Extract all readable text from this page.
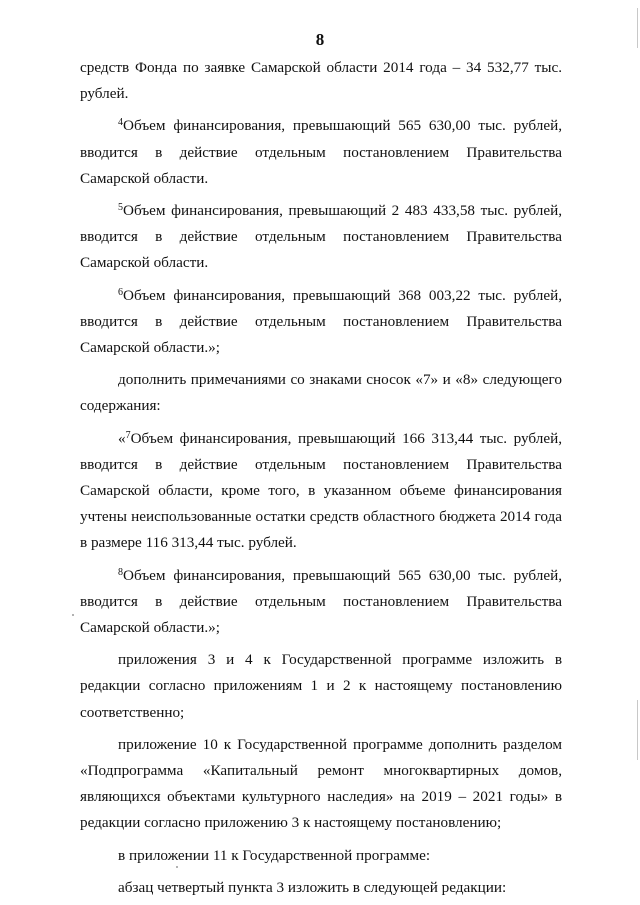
8

средств Фонда по заявке Самарской области 2014 года – 34 532,77 тыс. рублей.

$^4$Объем финансирования, превышающий 565 630,00 тыс. рублей, вводится в действие отдельным постановлением Правительства Самарской области.

$^5$Объем финансирования, превышающий 2 483 433,58 тыс. рублей, вводится в действие отдельным постановлением Правительства Самарской области.

$^6$Объем финансирования, превышающий 368 003,22 тыс. рублей, вводится в действие отдельным постановлением Правительства Самарской области.»;

дополнить примечаниями со знаками сносок «7» и «8» следующего содержания:

«$^7$Объем финансирования, превышающий 166 313,44 тыс. рублей, вводится в действие отдельным постановлением Правительства Самарской области, кроме того, в указанном объеме финансирования учтены неиспользованные остатки средств областного бюджета 2014 года в размере 116 313,44 тыс. рублей.

$^8$Объем финансирования, превышающий 565 630,00 тыс. рублей, вводится в действие отдельным постановлением Правительства Самарской области.»;

приложения 3 и 4 к Государственной программе изложить в редакции согласно приложениям 1 и 2 к настоящему постановлению соответственно;

приложение 10 к Государственной программе дополнить разделом «Подпрограмма «Капитальный ремонт многоквартирных домов, являющихся объектами культурного наследия» на 2019 – 2021 годы» в редакции согласно приложению 3 к настоящему постановлению;

в приложении 11 к Государственной программе:

абзац четвертый пункта 3 изложить в следующей редакции:
